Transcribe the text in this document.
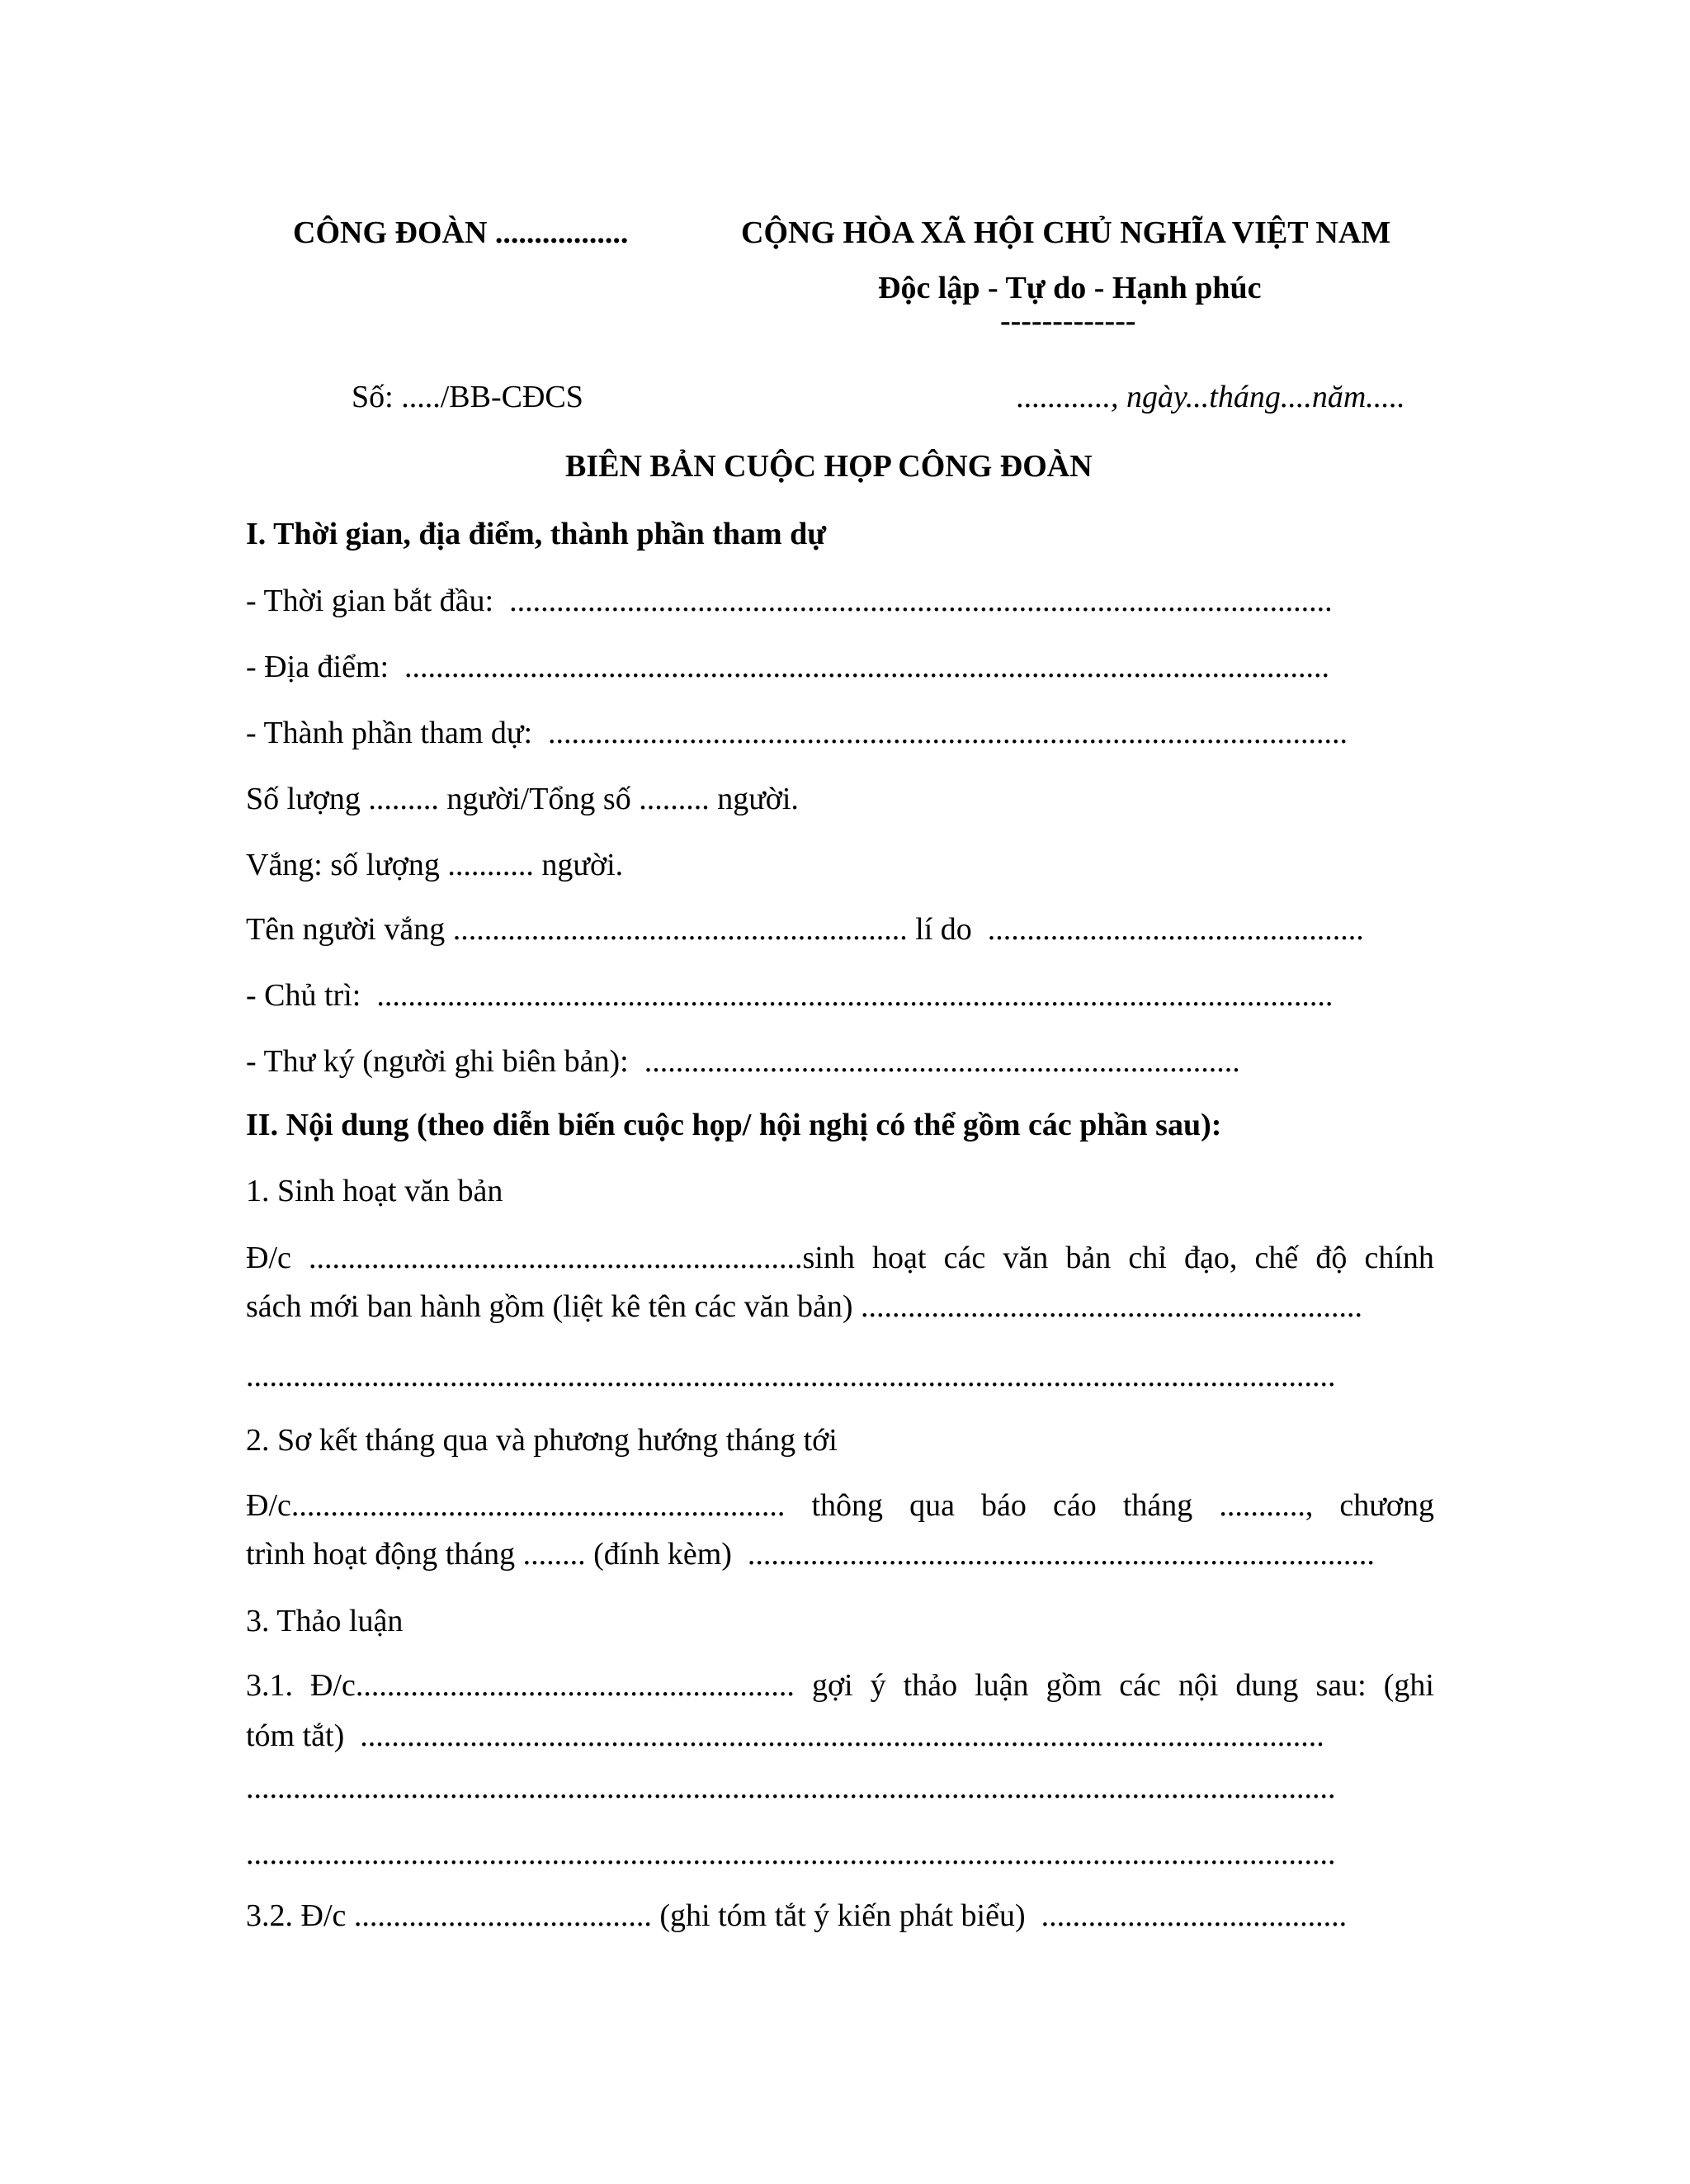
CÔNG ĐOÀN .................	CỘNG HÒA XÃ HỘI CHỦ NGHĨA VIỆT NAM

Độc lập - Tự do - Hạnh phúc

-------------

Số: ...../BB-CĐCS	............, ngày...tháng....năm.....

BIÊN BẢN CUỘC HỌP CÔNG ĐOÀN

I. Thời gian, địa điểm, thành phần tham dự

- Thời gian bắt đầu:  .........................................................................................................

- Địa điểm:  ......................................................................................................................

- Thành phần tham dự:  ......................................................................................................

Số lượng ......... người/Tổng số ......... người.

Vắng: số lượng ........... người.

Tên người vắng .......................................................... lí do  ................................................

- Chủ trì:  ..........................................................................................................................

- Thư ký (người ghi biên bản):  ............................................................................

II. Nội dung (theo diễn biến cuộc họp/ hội nghị có thể gồm các phần sau):

1. Sinh hoạt văn bản

Đ/c ...............................................................sinh hoạt các văn bản chỉ đạo, chế độ chính

sách mới ban hành gồm (liệt kê tên các văn bản) ................................................................

...........................................................................................................................................

2. Sơ kết tháng qua và phương hướng tháng tới

Đ/c............................................................... thông qua báo cáo tháng ..........., chương

trình hoạt động tháng ........ (đính kèm)  ................................................................................

3. Thảo luận

3.1. Đ/c........................................................ gợi ý thảo luận gồm các nội dung sau: (ghi

tóm tắt)  ...........................................................................................................................

...........................................................................................................................................

...........................................................................................................................................

3.2. Đ/c ...................................... (ghi tóm tắt ý kiến phát biểu)  .......................................
